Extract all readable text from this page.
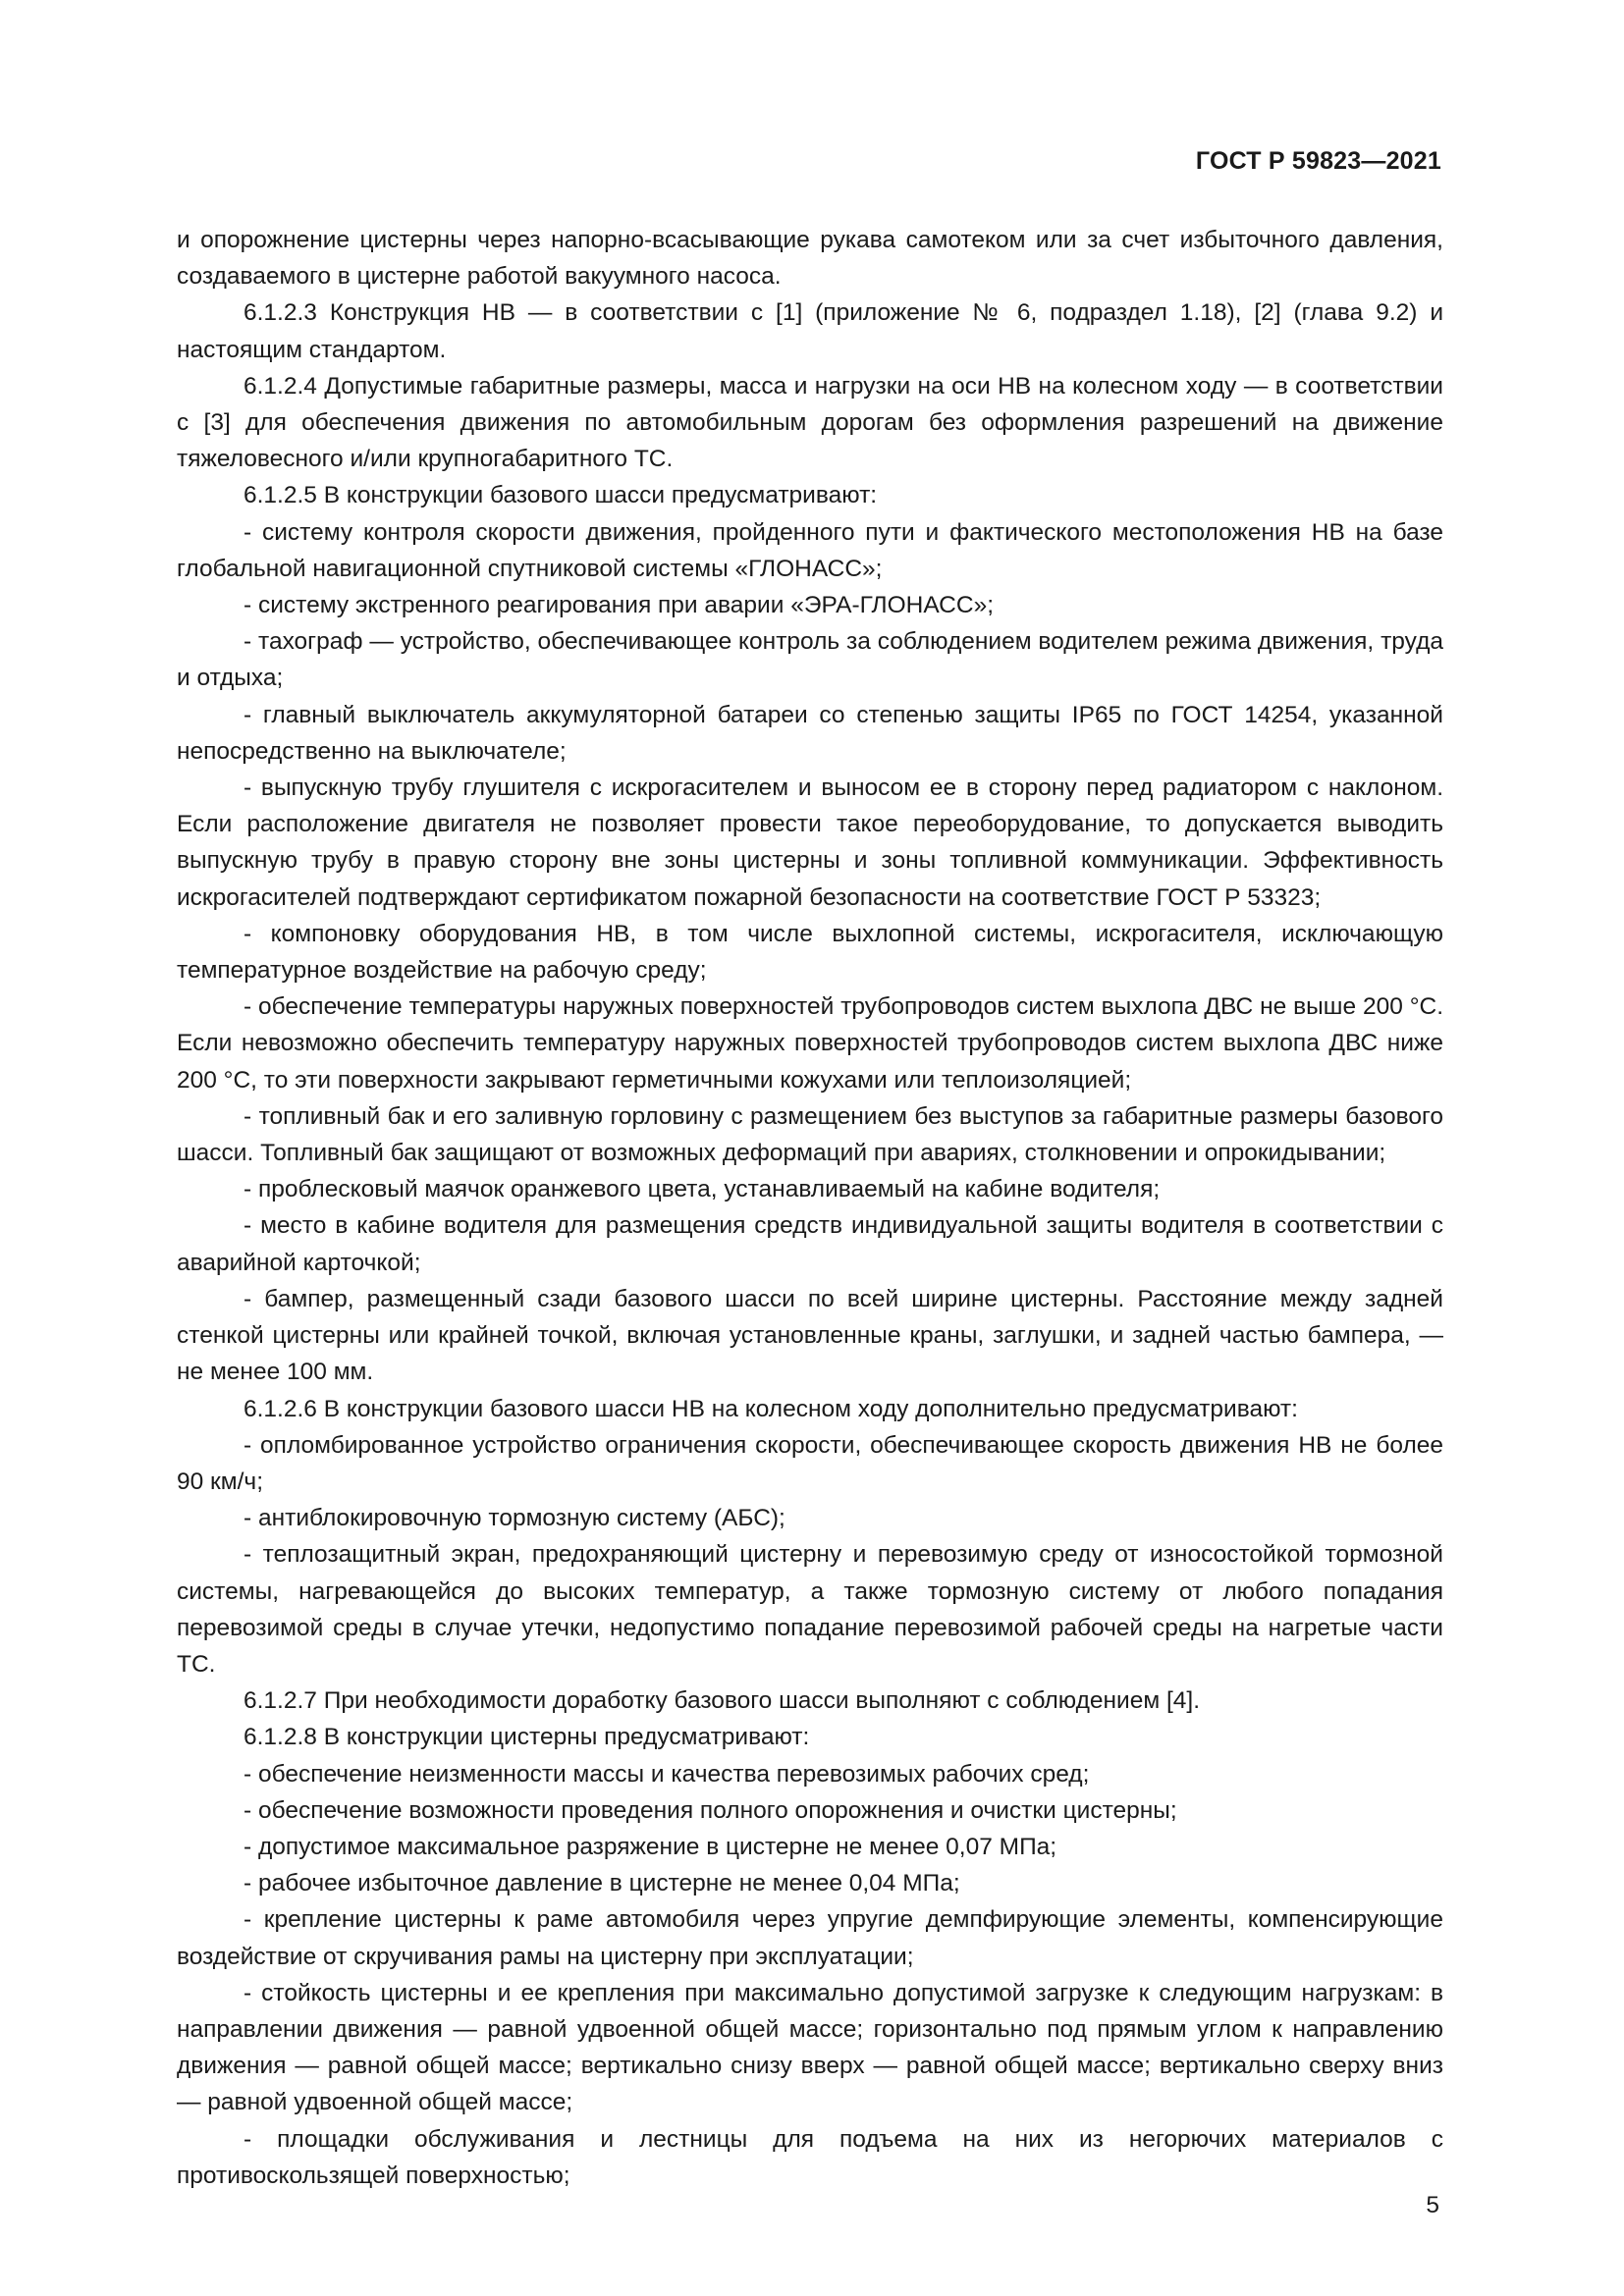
ГОСТ Р 59823—2021

и опорожнение цистерны через напорно-всасывающие рукава самотеком или за счет избыточного давления, создаваемого в цистерне работой вакуумного насоса.

6.1.2.3 Конструкция НВ — в соответствии с [1] (приложение № 6, подраздел 1.18), [2] (глава 9.2) и настоящим стандартом.

6.1.2.4 Допустимые габаритные размеры, масса и нагрузки на оси НВ на колесном ходу — в соответствии с [3] для обеспечения движения по автомобильным дорогам без оформления разрешений на движение тяжеловесного и/или крупногабаритного ТС.

6.1.2.5 В конструкции базового шасси предусматривают:

- систему контроля скорости движения, пройденного пути и фактического местоположения НВ на базе глобальной навигационной спутниковой системы «ГЛОНАСС»;

- систему экстренного реагирования при аварии «ЭРА-ГЛОНАСС»;

- тахограф — устройство, обеспечивающее контроль за соблюдением водителем режима движения, труда и отдыха;

- главный выключатель аккумуляторной батареи со степенью защиты IP65 по ГОСТ 14254, указанной непосредственно на выключателе;

- выпускную трубу глушителя с искрогасителем и выносом ее в сторону перед радиатором с наклоном. Если расположение двигателя не позволяет провести такое переоборудование, то допускается выводить выпускную трубу в правую сторону вне зоны цистерны и зоны топливной коммуникации. Эффективность искрогасителей подтверждают сертификатом пожарной безопасности на соответствие ГОСТ Р 53323;

- компоновку оборудования НВ, в том числе выхлопной системы, искрогасителя, исключающую температурное воздействие на рабочую среду;

- обеспечение температуры наружных поверхностей трубопроводов систем выхлопа ДВС не выше 200 °С. Если невозможно обеспечить температуру наружных поверхностей трубопроводов систем выхлопа ДВС ниже 200 °С, то эти поверхности закрывают герметичными кожухами или теплоизоляцией;

- топливный бак и его заливную горловину с размещением без выступов за габаритные размеры базового шасси. Топливный бак защищают от возможных деформаций при авариях, столкновении и опрокидывании;

- проблесковый маячок оранжевого цвета, устанавливаемый на кабине водителя;

- место в кабине водителя для размещения средств индивидуальной защиты водителя в соответствии с аварийной карточкой;

- бампер, размещенный сзади базового шасси по всей ширине цистерны. Расстояние между задней стенкой цистерны или крайней точкой, включая установленные краны, заглушки, и задней частью бампера, — не менее 100 мм.

6.1.2.6 В конструкции базового шасси НВ на колесном ходу дополнительно предусматривают:

- опломбированное устройство ограничения скорости, обеспечивающее скорость движения НВ не более 90 км/ч;

- антиблокировочную тормозную систему (АБС);

- теплозащитный экран, предохраняющий цистерну и перевозимую среду от износостойкой тормозной системы, нагревающейся до высоких температур, а также тормозную систему от любого попадания перевозимой среды в случае утечки, недопустимо попадание перевозимой рабочей среды на нагретые части ТС.

6.1.2.7 При необходимости доработку базового шасси выполняют с соблюдением [4].

6.1.2.8 В конструкции цистерны предусматривают:

- обеспечение неизменности массы и качества перевозимых рабочих сред;

- обеспечение возможности проведения полного опорожнения и очистки цистерны;

- допустимое максимальное разряжение в цистерне не менее 0,07 МПа;

- рабочее избыточное давление в цистерне не менее 0,04 МПа;

- крепление цистерны к раме автомобиля через упругие демпфирующие элементы, компенсирующие воздействие от скручивания рамы на цистерну при эксплуатации;

- стойкость цистерны и ее крепления при максимально допустимой загрузке к следующим нагрузкам: в направлении движения — равной удвоенной общей массе; горизонтально под прямым углом к направлению движения — равной общей массе; вертикально снизу вверх — равной общей массе; вертикально сверху вниз — равной удвоенной общей массе;

- площадки обслуживания и лестницы для подъема на них из негорючих материалов с противоскользящей поверхностью;

5
